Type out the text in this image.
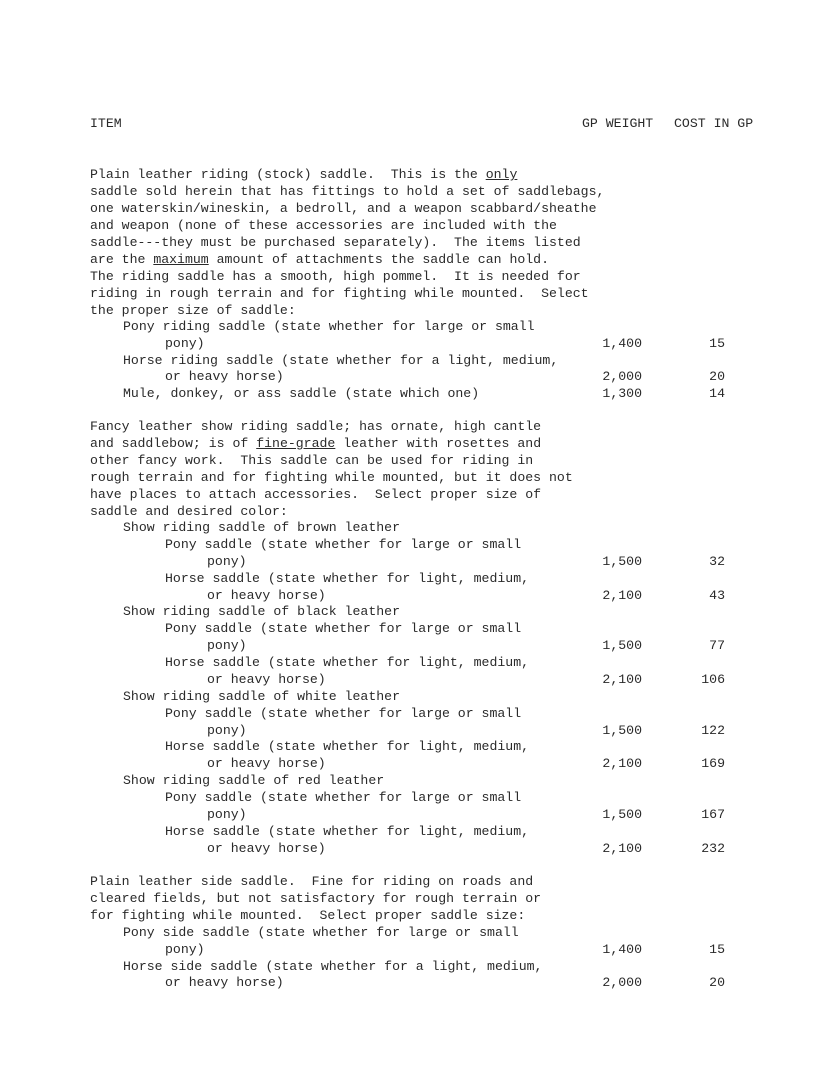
ITEM	GP WEIGHT COST IN GP
Plain leather riding (stock) saddle.  This is the only
saddle sold herein that has fittings to hold a set of saddlebags,
one waterskin/wineskin, a bedroll, and a weapon scabbard/sheathe
and weapon (none of these accessories are included with the
saddle---they must be purchased separately).  The items listed
are the maximum amount of attachments the saddle can hold.
The riding saddle has a smooth, high pommel.  It is needed for
riding in rough terrain and for fighting while mounted.  Select
the proper size of saddle:
Pony riding saddle (state whether for large or small
pony)	1,400	15
Horse riding saddle (state whether for a light, medium,
or heavy horse)	2,000	20
Mule, donkey, or ass saddle (state which one)	1,300	14
Fancy leather show riding saddle; has ornate, high cantle
and saddlebow; is of fine-grade leather with rosettes and
other fancy work.  This saddle can be used for riding in
rough terrain and for fighting while mounted, but it does not
have places to attach accessories.  Select proper size of
saddle and desired color:
Show riding saddle of brown leather
Pony saddle (state whether for large or small
pony)	1,500	32
Horse saddle (state whether for light, medium,
or heavy horse)	2,100	43
Show riding saddle of black leather
Pony saddle (state whether for large or small
pony)	1,500	77
Horse saddle (state whether for light, medium,
or heavy horse)	2,100	106
Show riding saddle of white leather
Pony saddle (state whether for large or small
pony)	1,500	122
Horse saddle (state whether for light, medium,
or heavy horse)	2,100	169
Show riding saddle of red leather
Pony saddle (state whether for large or small
pony)	1,500	167
Horse saddle (state whether for light, medium,
or heavy horse)	2,100	232
Plain leather side saddle.  Fine for riding on roads and
cleared fields, but not satisfactory for rough terrain or
for fighting while mounted.  Select proper saddle size:
Pony side saddle (state whether for large or small
pony)	1,400	15
Horse side saddle (state whether for a light, medium,
or heavy horse)	2,000	20
